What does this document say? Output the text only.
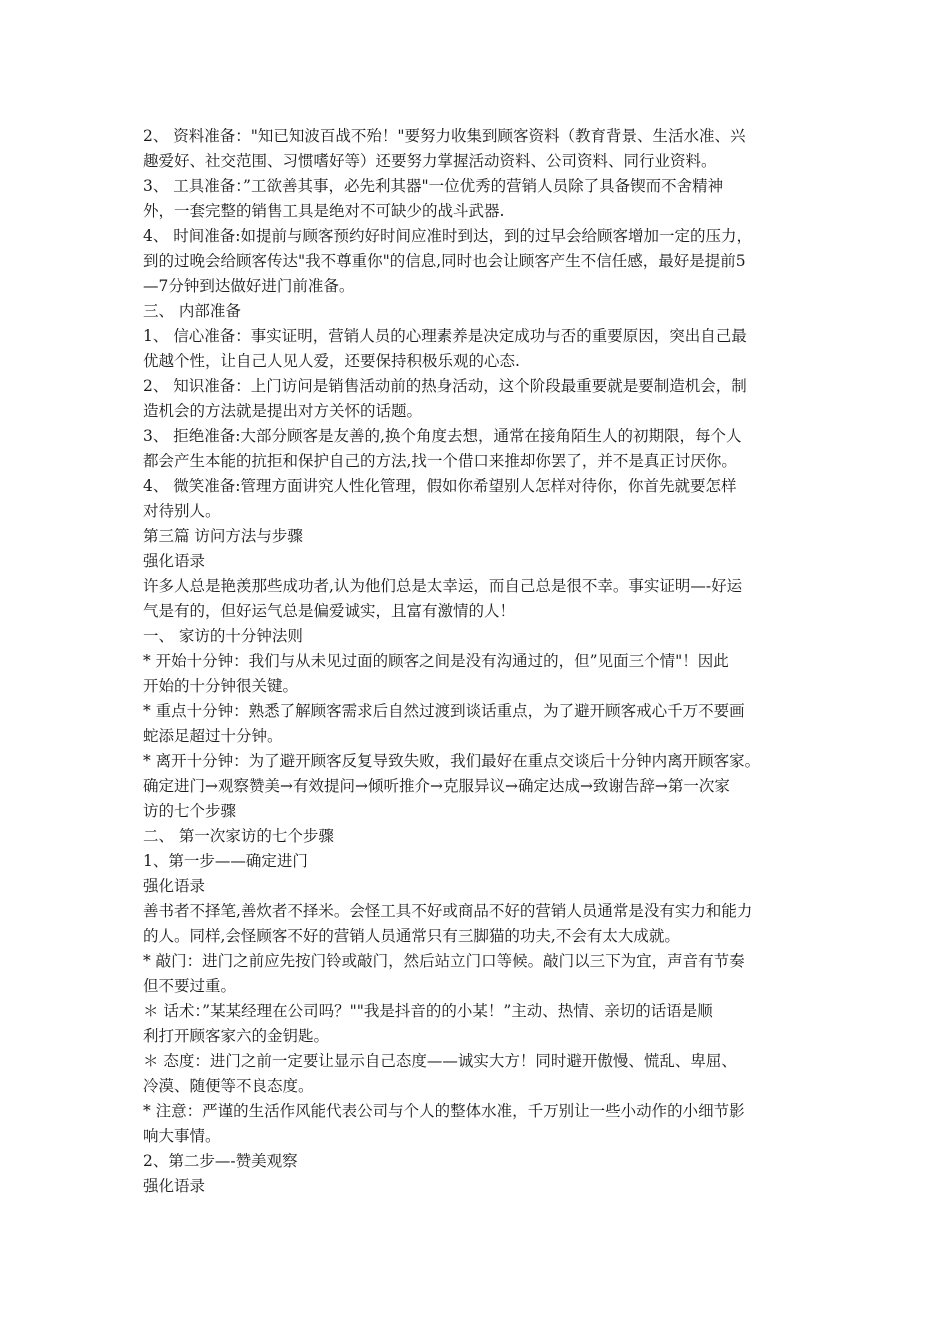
2、 资料准备："知已知波百战不殆！"要努力收集到顾客资料（教育背景、生活水准、兴
趣爱好、社交范围、习惯嗜好等）还要努力掌握活动资料、公司资料、同行业资料。
3、 工具准备：”工欲善其事，必先利其器"一位优秀的营销人员除了具备锲而不舍精神
外，一套完整的销售工具是绝对不可缺少的战斗武器.
4、 时间准备:如提前与顾客预约好时间应准时到达，到的过早会给顾客增加一定的压力，
到的过晚会给顾客传达"我不尊重你"的信息,同时也会让顾客产生不信任感，最好是提前5
—7分钟到达做好进门前准备。
三、 内部准备
1、 信心准备：事实证明，营销人员的心理素养是决定成功与否的重要原因，突出自己最
优越个性，让自己人见人爱，还要保持积极乐观的心态.
2、 知识准备：上门访问是销售活动前的热身活动，这个阶段最重要就是要制造机会，制
造机会的方法就是提出对方关怀的话题。
3、 拒绝准备:大部分顾客是友善的,换个角度去想，通常在接角陌生人的初期限，每个人
都会产生本能的抗拒和保护自己的方法,找一个借口来推却你罢了，并不是真正讨厌你。
4、 微笑准备:管理方面讲究人性化管理，假如你希望别人怎样对待你，你首先就要怎样
对待别人。
第三篇 访问方法与步骤
强化语录
许多人总是艳羡那些成功者,认为他们总是太幸运，而自己总是很不幸。事实证明—-好运
气是有的，但好运气总是偏爱诚实，且富有激情的人！
一、 家访的十分钟法则
* 开始十分钟：我们与从未见过面的顾客之间是没有沟通过的，但”见面三个情"！因此
开始的十分钟很关键。
* 重点十分钟：熟悉了解顾客需求后自然过渡到谈话重点，为了避开顾客戒心千万不要画
蛇添足超过十分钟。
* 离开十分钟：为了避开顾客反复导致失败，我们最好在重点交谈后十分钟内离开顾客家。
确定进门→观察赞美→有效提问→倾听推介→克服异议→确定达成→致谢告辞→第一次家
访的七个步骤
二、 第一次家访的七个步骤
1、第一步——确定进门
强化语录
善书者不择笔,善炊者不择米。会怪工具不好或商品不好的营销人员通常是没有实力和能力
的人。同样,会怪顾客不好的营销人员通常只有三脚猫的功夫,不会有太大成就。
* 敲门：进门之前应先按门铃或敲门，然后站立门口等候。敲门以三下为宜，声音有节奏
但不要过重。
＊ 话术：”某某经理在公司吗？""我是抖音的的小某！”主动、热情、亲切的话语是顺
利打开顾客家六的金钥匙。
＊ 态度：进门之前一定要让显示自己态度——诚实大方！同时避开傲慢、慌乱、卑屈、
冷漠、随便等不良态度。
* 注意：严谨的生活作风能代表公司与个人的整体水准，千万别让一些小动作的小细节影
响大事情。
2、第二步—-赞美观察
强化语录
